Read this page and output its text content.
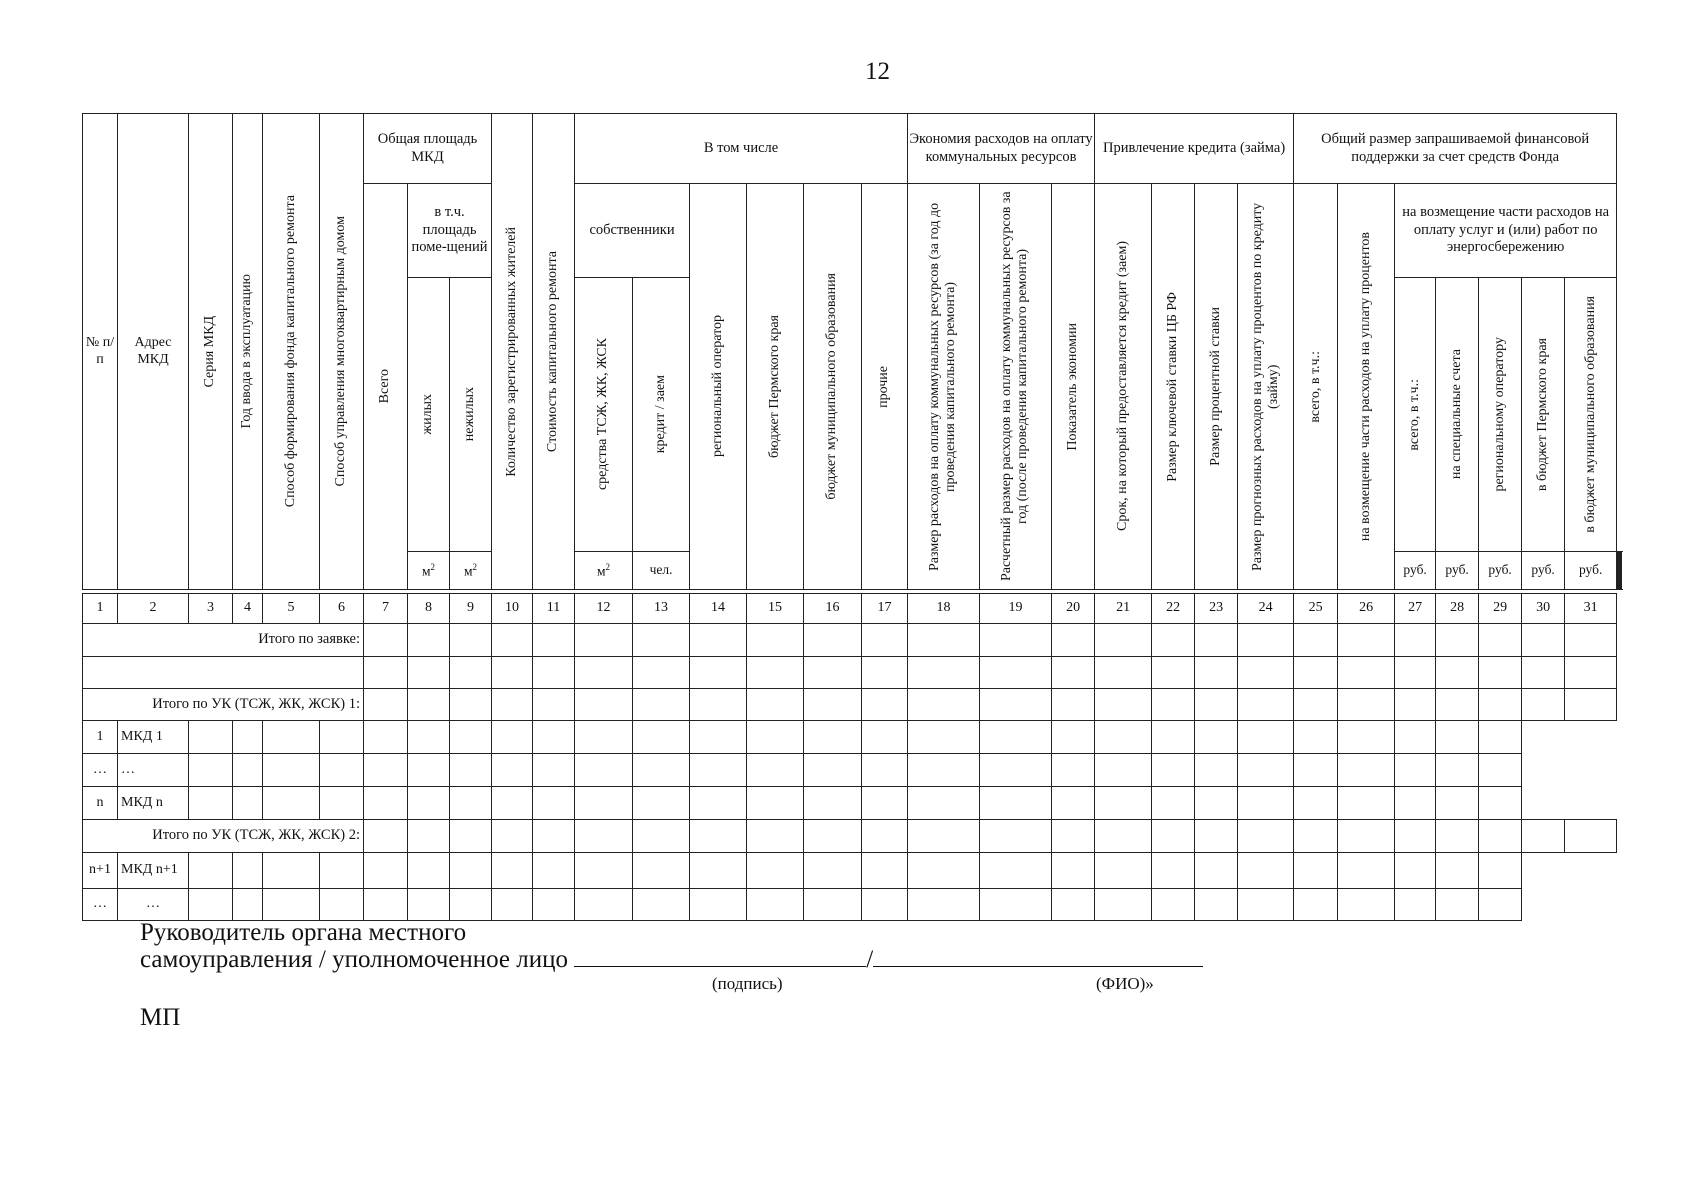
12
№ п/п	Адрес МКД	Серия МКД	Год ввода в эксплуатацию	Способ формирования фонда капитального ремонта	Способ управления многоквартирным домом	Общая площадь МКД			Количество зарегистрированных жителей	Стоимость капитального ремонта	В том числе						Экономия расходов на оплату коммунальных ресурсов			Привлечение кредита (займа)				Общий размер запрашиваемой финансовой поддержки за счет средств Фонда									

						Всего	в т.ч. площадь поме-щений				собственники		региональный оператор	бюджет Пермского края	бюджет муниципального образования	прочие	Размер расходов на оплату коммунальных ресурсов (за год до проведения капитального ремонта)	Расчетный размер расходов на оплату коммунальных ресурсов за год (после проведения капитального ремонта)	Показатель экономии	Срок, на который предоставляется кредит (заем)	Размер ключевой ставки ЦБ РФ	Размер процентной ставки	Размер прогнозных расходов на уплату процентов по кредиту (займу)	всего, в т.ч.:	на возмещение части расходов на уплату процентов	на возмещение части расходов на оплату услуг и (или) работ по энергосбережению							

							жилых	нежилых			средства ТСЖ, ЖК, ЖСК	кредит / заем														всего, в т.ч.:	на специальные счета	региональному оператору	в бюджет Пермского края	в бюджет муниципального образования			

							$м^2$	$м^2$			$м^2$	чел.														руб.	руб.	руб.	руб.	руб.																

1	2	3	4	5	6	7	8	9	10	11	12	13	14	15	16	17	18	19	20	21	22	23	24	25	26	27	28	29	30	31			
Итого по заявке:																																	

Итого по УК (ТСЖ, ЖК, ЖСК) 1:																																	
1	МКД 1																																
…	…																																
n	МКД n																																
Итого по УК (ТСЖ, ЖК, ЖСК) 2:																																	
n+1	МКД n+1																																
…	…																																
Руководитель органа местного
самоуправления / уполномоченное лицо	/
(подпись)	(ФИО)»
МП
